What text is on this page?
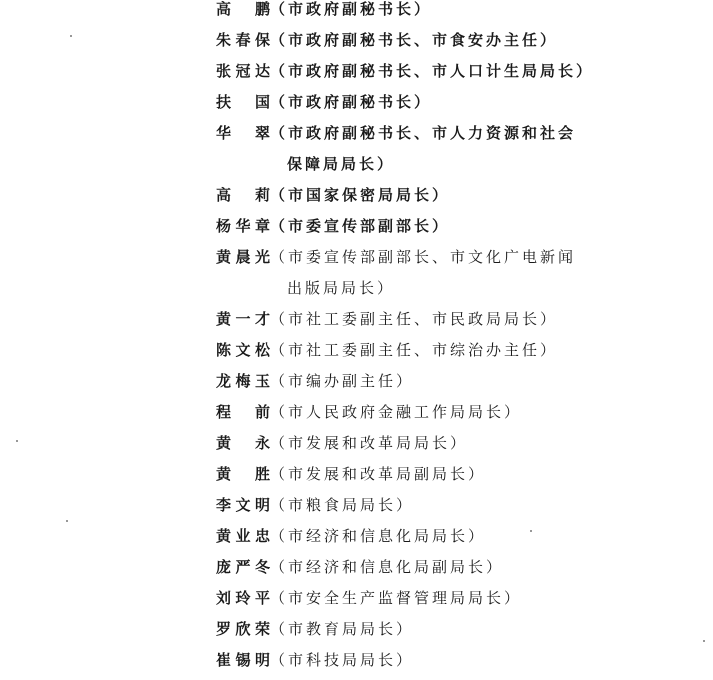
高　鹏（市政府副秘书长）
朱春保（市政府副秘书长、市食安办主任）
张冠达（市政府副秘书长、市人口计生局局长）
扶　国（市政府副秘书长）
华　翠（市政府副秘书长、市人力资源和社会
保障局局长）
高　莉（市国家保密局局长）
杨华章（市委宣传部副部长）
黄晨光（市委宣传部副部长、市文化广电新闻
出版局局长）
黄一才（市社工委副主任、市民政局局长）
陈文松（市社工委副主任、市综治办主任）
龙梅玉（市编办副主任）
程　前（市人民政府金融工作局局长）
黄　永（市发展和改革局局长）
黄　胜（市发展和改革局副局长）
李文明（市粮食局局长）
黄业忠（市经济和信息化局局长）
庞严冬（市经济和信息化局副局长）
刘玲平（市安全生产监督管理局局长）
罗欣荣（市教育局局长）
崔锡明（市科技局局长）
